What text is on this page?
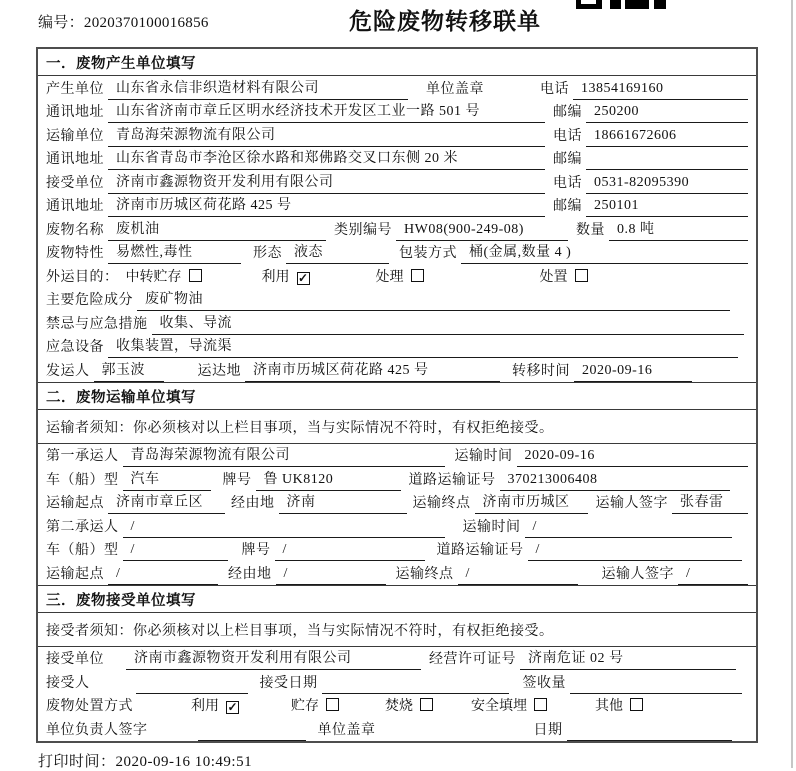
编号：2020370100016856	危险废物转移联单
一．废物产生单位填写
产生单位 山东省永信非织造材料有限公司	单位盖章	电话 13854169160
通讯地址 山东省济南市章丘区明水经济技术开发区工业一路 501 号	邮编 250200
运输单位 青岛海荣源物流有限公司	电话 18661672606
通讯地址 山东省青岛市李沧区徐水路和郑佛路交叉口东侧 20 米	邮编
接受单位 济南市鑫源物资开发利用有限公司	电话 0531-82095390
通讯地址 济南市历城区荷花路 425 号	邮编 250101
废物名称 废机油	类别编号 HW08(900-249-08)	数量 0.8 吨
废物特性 易燃性,毒性	形态 液态	包装方式 桶(金属,数量 4 )
外运目的： 中转贮存	利用 ✓	处理	处置
主要危险成分 废矿物油
禁忌与应急措施 收集、导流
应急设备 收集装置，导流渠
发运人 郭玉波	运达地 济南市历城区荷花路 425 号	转移时间 2020-09-16
二．废物运输单位填写
运输者须知：你必须核对以上栏目事项，当与实际情况不符时，有权拒绝接受。
第一承运人 青岛海荣源物流有限公司	运输时间 2020-09-16
车（船）型 汽车	牌号 鲁 UK8120	道路运输证号 370213006408
运输起点 济南市章丘区	经由地 济南	运输终点 济南市历城区	运输人签字 张春雷
第二承运人 /	运输时间 /
车（船）型 /	牌号 /	道路运输证号 /
运输起点 /	经由地 /	运输终点 /	运输人签字 /
三．废物接受单位填写
接受者须知：你必须核对以上栏目事项，当与实际情况不符时，有权拒绝接受。
接受单位	济南市鑫源物资开发利用有限公司	经营许可证号 济南危证 02 号
接受人	接受日期	签收量
废物处置方式	利用 ✓	贮存	焚烧	安全填埋	其他
单位负责人签字	单位盖章	日期
打印时间：2020-09-16 10:49:51
